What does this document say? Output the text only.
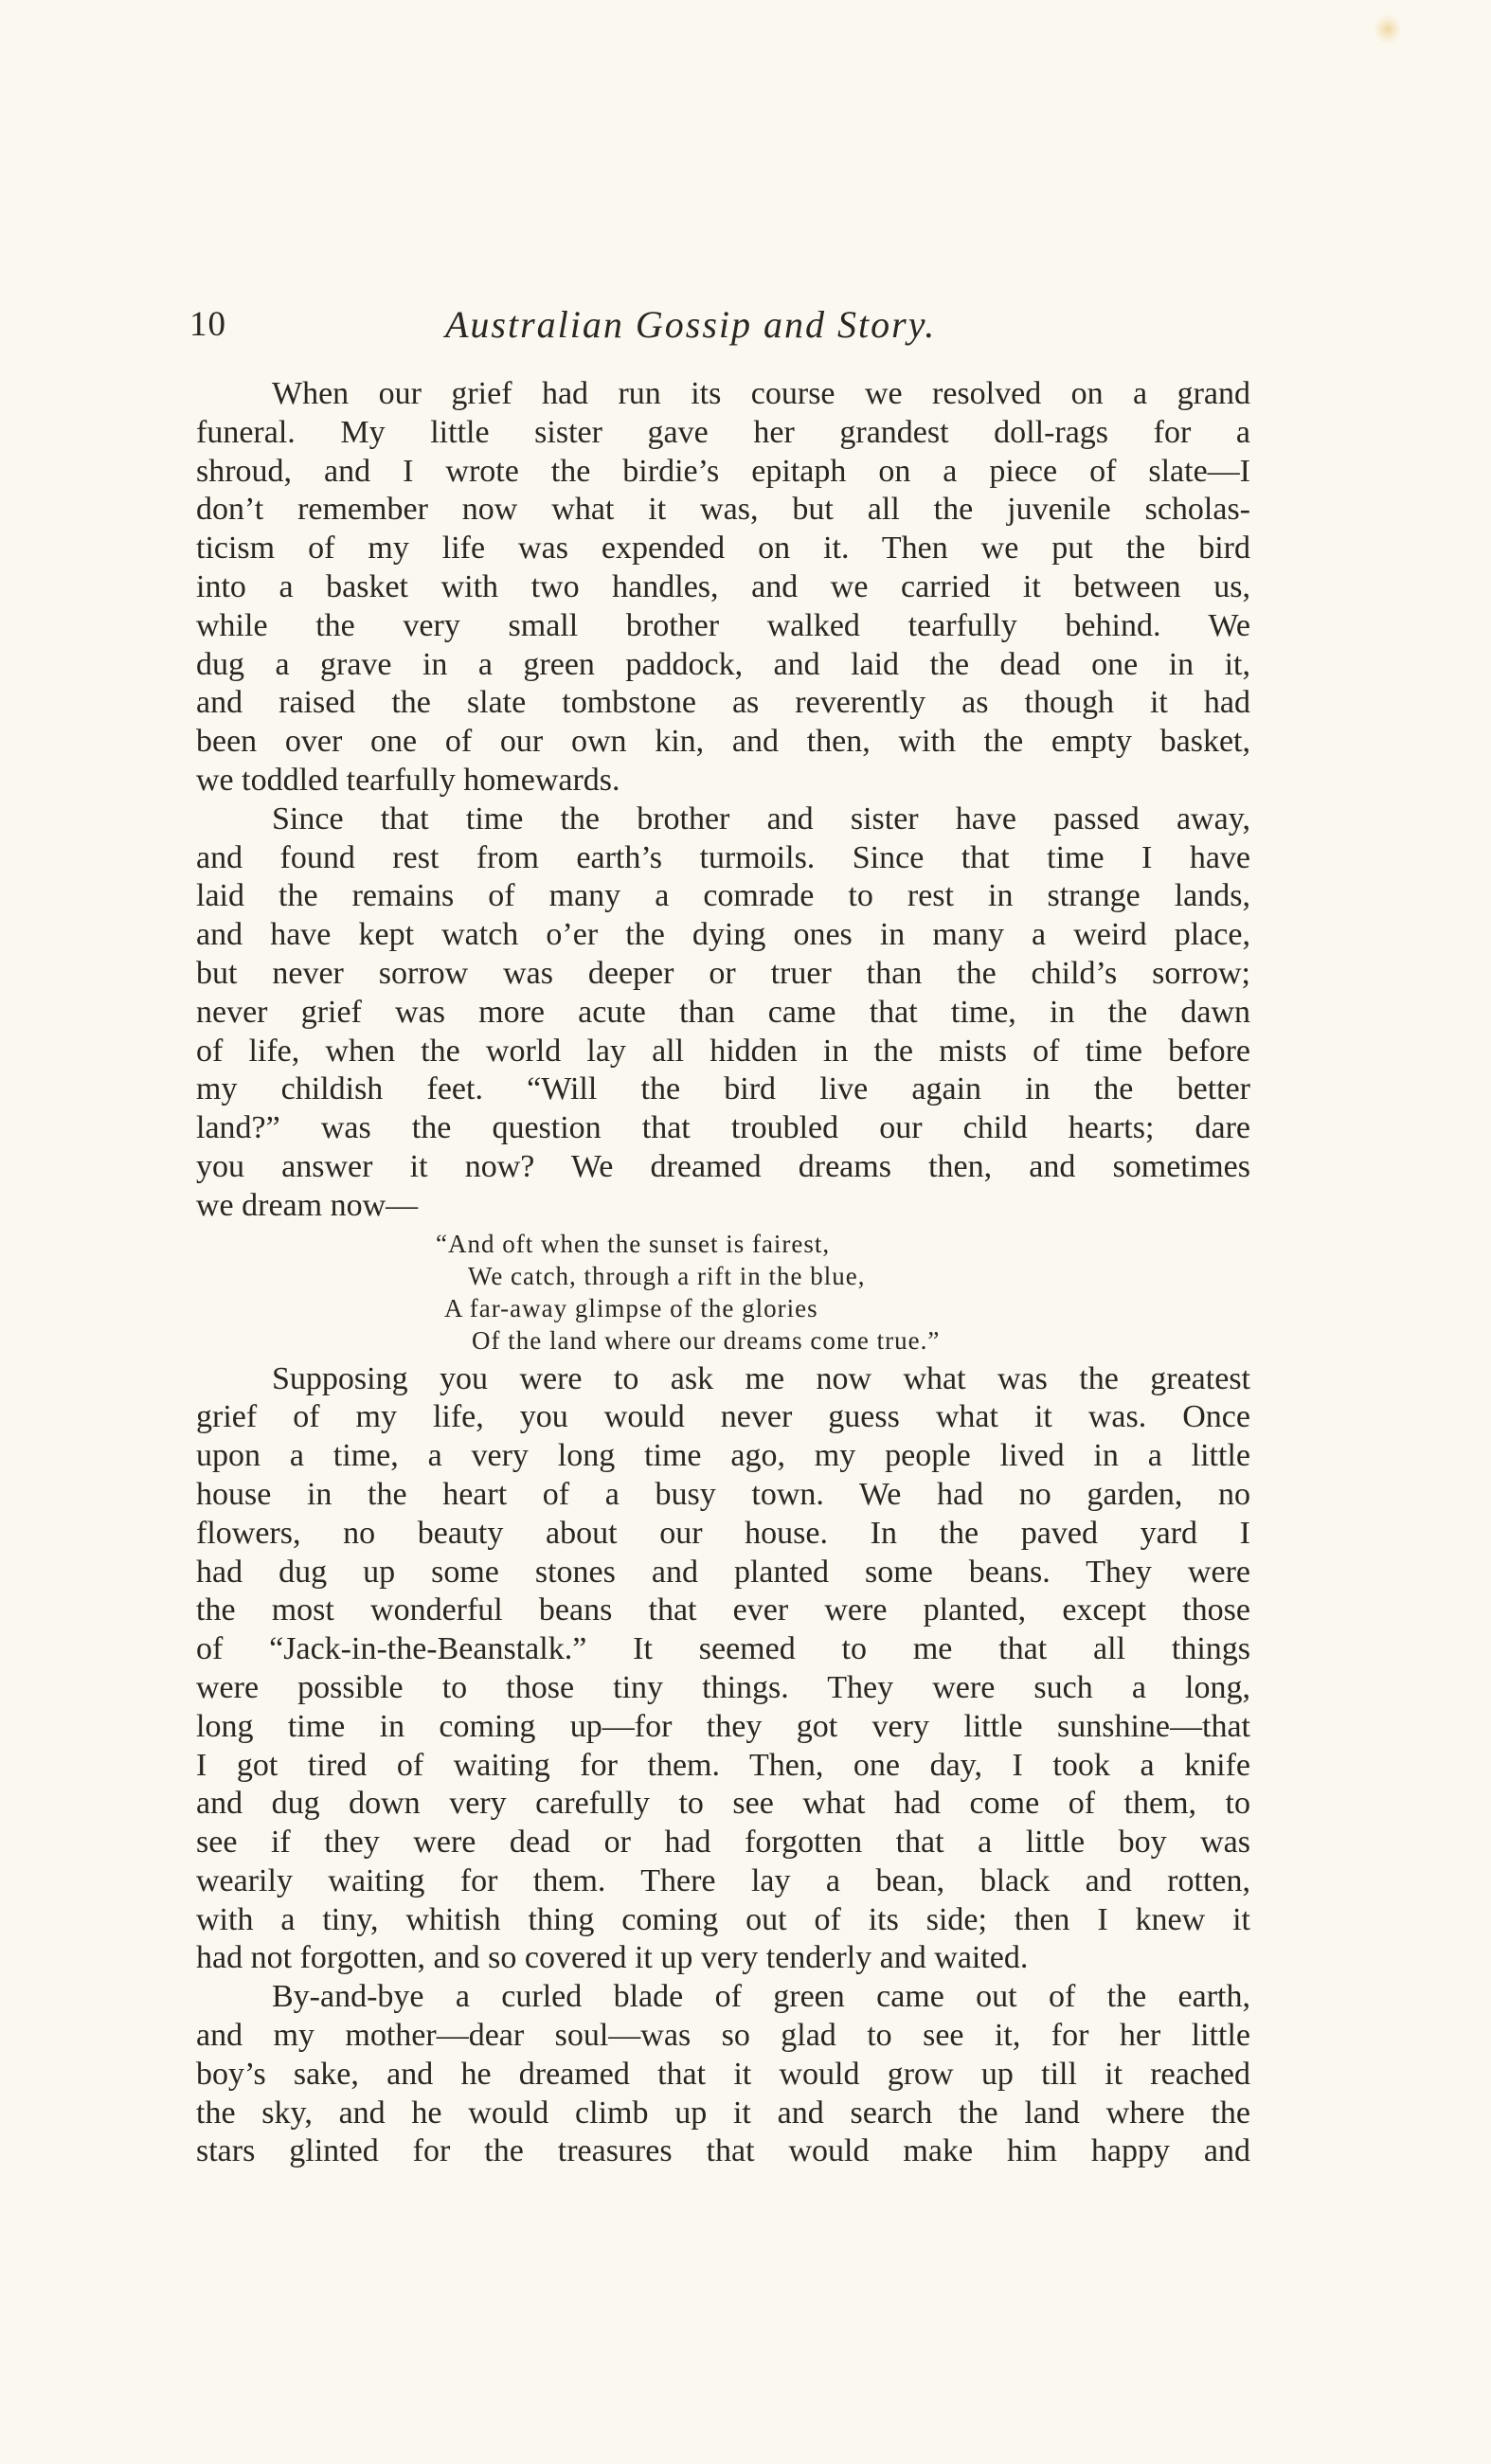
10	Australian Gossip and Story.
When our grief had run its course we resolved on a grand
funeral. My little sister gave her grandest doll-rags for a
shroud, and I wrote the birdie’s epitaph on a piece of slate—I
don’t remember now what it was, but all the juvenile scholas-
ticism of my life was expended on it. Then we put the bird
into a basket with two handles, and we carried it between us,
while the very small brother walked tearfully behind. We
dug a grave in a green paddock, and laid the dead one in it,
and raised the slate tombstone as reverently as though it had
been over one of our own kin, and then, with the empty basket,
we toddled tearfully homewards.
Since that time the brother and sister have passed away,
and found rest from earth’s turmoils. Since that time I have
laid the remains of many a comrade to rest in strange lands,
and have kept watch o’er the dying ones in many a weird place,
but never sorrow was deeper or truer than the child’s sorrow;
never grief was more acute than came that time, in the dawn
of life, when the world lay all hidden in the mists of time before
my childish feet. “Will the bird live again in the better
land?” was the question that troubled our child hearts; dare
you answer it now? We dreamed dreams then, and sometimes
we dream now—
“And oft when the sunset is fairest,
We catch, through a rift in the blue,
A far-away glimpse of the glories
Of the land where our dreams come true.”
Supposing you were to ask me now what was the greatest
grief of my life, you would never guess what it was. Once
upon a time, a very long time ago, my people lived in a little
house in the heart of a busy town. We had no garden, no
flowers, no beauty about our house. In the paved yard I
had dug up some stones and planted some beans. They were
the most wonderful beans that ever were planted, except those
of “Jack-in-the-Beanstalk.” It seemed to me that all things
were possible to those tiny things. They were such a long,
long time in coming up—for they got very little sunshine—that
I got tired of waiting for them. Then, one day, I took a knife
and dug down very carefully to see what had come of them, to
see if they were dead or had forgotten that a little boy was
wearily waiting for them. There lay a bean, black and rotten,
with a tiny, whitish thing coming out of its side; then I knew it
had not forgotten, and so covered it up very tenderly and waited.
By-and-bye a curled blade of green came out of the earth,
and my mother—dear soul—was so glad to see it, for her little
boy’s sake, and he dreamed that it would grow up till it reached
the sky, and he would climb up it and search the land where the
stars glinted for the treasures that would make him happy and
